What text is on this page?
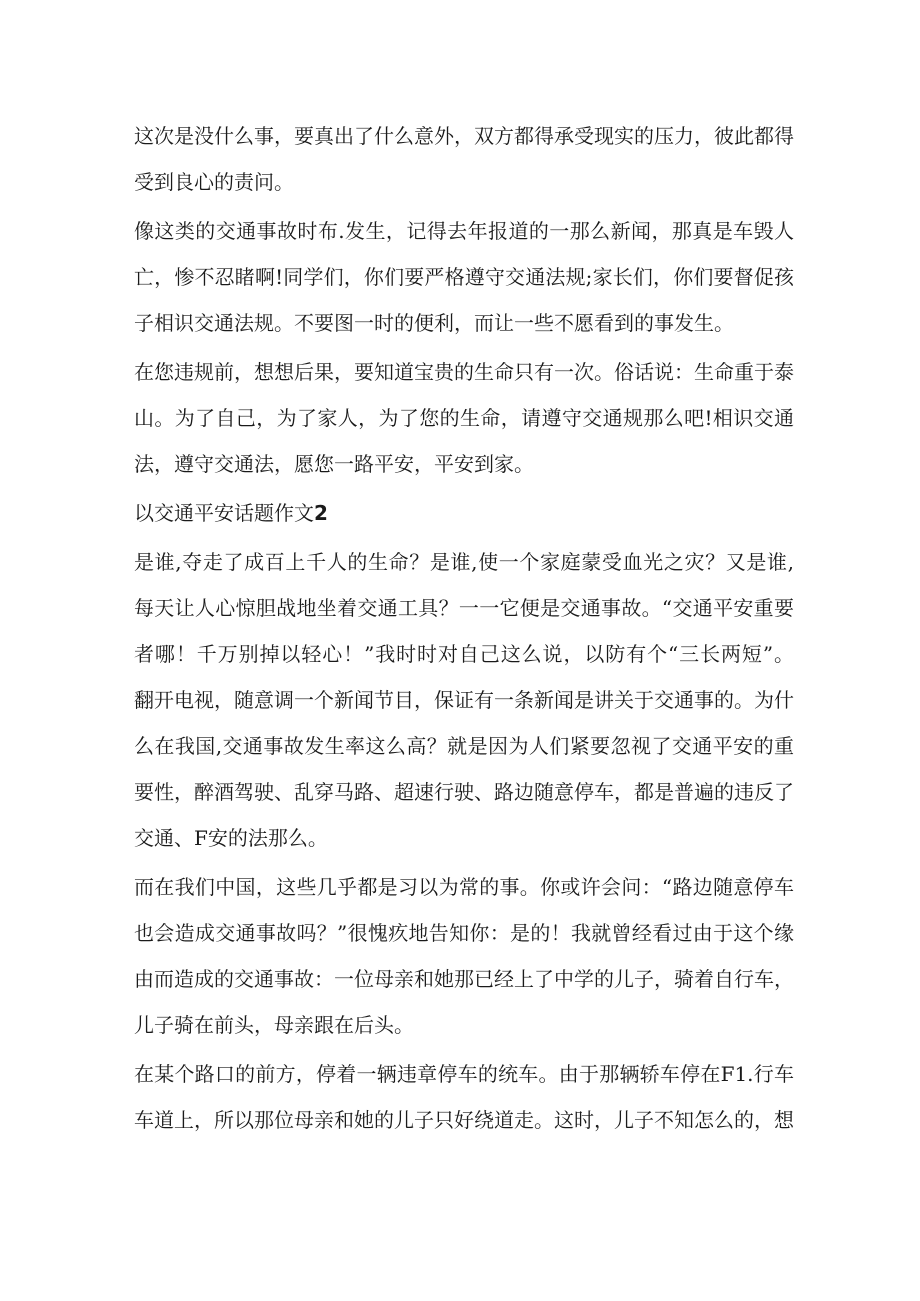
这次是没什么事，要真出了什么意外，双方都得承受现实的压力，彼此都得
受到良心的责问。
像这类的交通事故时布.发生，记得去年报道的一那么新闻，那真是车毁人
亡，惨不忍睹啊!同学们，你们要严格遵守交通法规;家长们，你们要督促孩
子相识交通法规。不要图一时的便利，而让一些不愿看到的事发生。
在您违规前，想想后果，要知道宝贵的生命只有一次。俗话说：生命重于泰
山。为了自己，为了家人，为了您的生命，请遵守交通规那么吧!相识交通
法，遵守交通法，愿您一路平安，平安到家。
以交通平安话题作文2
是谁,夺走了成百上千人的生命？是谁,使一个家庭蒙受血光之灾？又是谁,
每天让人心惊胆战地坐着交通工具？一一它便是交通事故。“交通平安重要
者哪！千万别掉以轻心！”我时时对自己这么说，以防有个“三长两短”。
翻开电视，随意调一个新闻节目，保证有一条新闻是讲关于交通事的。为什
么在我国,交通事故发生率这么高？就是因为人们紧要忽视了交通平安的重
要性，醉酒驾驶、乱穿马路、超速行驶、路边随意停车，都是普遍的违反了
交通、F安的法那么。
而在我们中国，这些几乎都是习以为常的事。你或许会问：“路边随意停车
也会造成交通事故吗？”很愧疚地告知你：是的！我就曾经看过由于这个缘
由而造成的交通事故：一位母亲和她那已经上了中学的儿子，骑着自行车，
儿子骑在前头，母亲跟在后头。
在某个路口的前方，停着一辆违章停车的统车。由于那辆轿车停在F1.行车
车道上，所以那位母亲和她的儿子只好绕道走。这时，儿子不知怎么的，想
